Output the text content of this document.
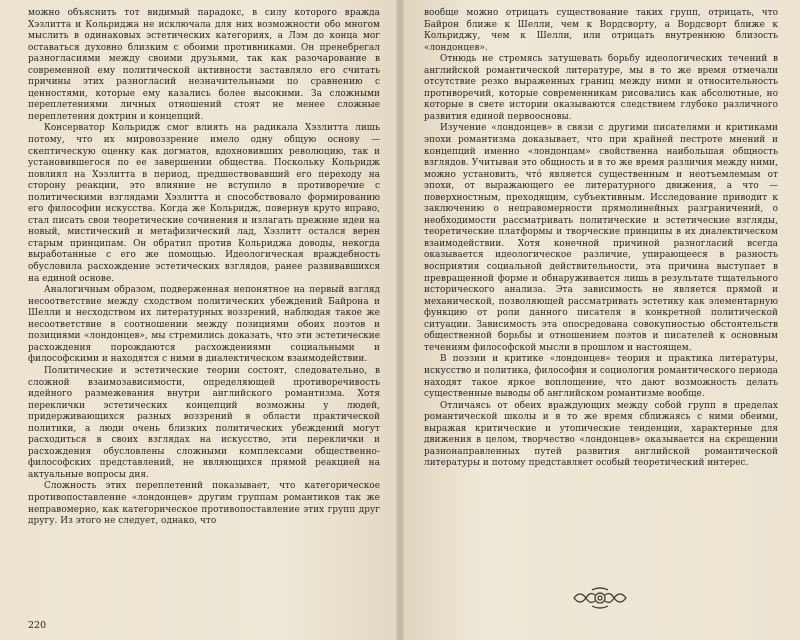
можно объяснить тот видимый парадокс, в силу которого враждa Хэзлитта и Кольриджа не исключала для них возможности обо многом мыслить в одинаковых эстетических категориях, а Лэм до конца мог оставаться духовно близким с обоими противниками. Он пренебрегал разногласиями между своими друзьями, так как разочарование в современной ему политической активности заставляло его считать причины этих разногласий незначительными по сравнению с ценностями, которые ему казались более высокими. За сложными переплетениями личных отношений стоят не менее сложные переплетения доктрин и концепций.

Консерватор Кольридж смог влиять на радикала Хэзлитта лишь потому, что их мировоззрение имело одну общую основу — скептическую оценку как догматов, вдохновивших революцию, так и установившегося по ее завершении общества. Поскольку Кольридж повлиял на Хэзлитта в период, предшествовавший его переходу на сторону реакции, это влияние не вступило в противоречие с политическими взглядами Хэзлитта и способствовало формированию его философии искусства. Когда же Кольридж, повернув круто вправо, стал писать свои теоретические сочинения и излагать прежние идеи на новый, мистический и метафизический лад, Хэзлитт остался верен старым принципам. Он обратил против Кольриджа доводы, некогда выработанные с его же помощью. Идеологическая враждебность обусловила расхождение эстетических взглядов, ранее развивавшихся на единой основе.

Аналогичным образом, подверженная непонятное на первый взгляд несоответствие между сходством политических убеждений Байрона и Шелли и несходством их литературных воззрений, наблюдая такое же несоответствие в соотношении между позициями обоих поэтов и позициями «лондонцев», мы стремились доказать, что эти эстетические расхождения порождаются расхождениями социальными и философскими и находятся с ними в диалектическом взаимодействии.

Политические и эстетические теории состоят, следовательно, в сложной взаимозависимости, определяющей противоречивость идейного размежевания внутри английского романтизма. Хотя переклички эстетических концепций возможны у людей, придерживающихся разных воззрений в области практической политики, а люди очень близких политических убеждений могут расходиться в своих взглядах на искусство, эти переклички и расхождения обусловлены сложными комплексами общественно-философских представлений, не являющихся прямой реакцией на актуальные вопросы дня.

Сложность этих переплетений показывает, что категорическое противопоставление «лондонцев» другим группам романтиков так же неправомерно, как категорическое противопоставление этих групп друг другу. Из этого не следует, однако, что

220

вообще можно отрицать существование таких групп, отрицать, что Байрон ближе к Шелли, чем к Вордсворту, а Вордсворт ближе к Кольриджу, чем к Шелли, или отрицать внутреннюю близость «лондонцев».

Отнюдь не стремясь затушевать борьбу идеологических течений в английской романтической литературе, мы в то же время отмечали отсутствие резко выраженных границ между ними и относительность противоречий, которые современникам рисовались как абсолютные, но которые в свете истории оказываются следствием глубоко различного развития единой первоосновы.

Изучение «лондонцев» в связи с другими писателями и критиками эпохи романтизма доказывает, что при крайней пестроте мнений и концепций именно «лондонцам» свойственна наибольшая общность взглядов. Учитывая это общность и в то же время различия между ними, можно установить, что́ является существенным и неотъемлемым от эпохи, от выражающего ее литературного движения, а что — поверхностным, преходящим, субъективным. Исследование приводит к заключению о неправомерности прямолинейных разграничений, о необходимости рассматривать политические и эстетические взгляды, теоретические платформы и творческие принципы в их диалектическом взаимодействии. Хотя конечной причиной разногласий всегда оказывается идеологическое различие, упирающееся в разность восприятия социальной действительности, эта причина выступает в превращенной форме и обнаруживается лишь в результате тщательного исторического анализа. Эта зависимость не является прямой и механической, позволяющей рассматривать эстетику как элементарную функцию от роли данного писателя в конкретной политической ситуации. Зависимость эта опосредована совокупностью обстоятельств общественной борьбы и отношением поэтов и писателей к основным течениям философской мысли в прошлом и настоящем.

В поэзии и критике «лондонцев» теория и практика литературы, искусство и политика, философия и социология романтического периода находят такое яркое воплощение, что дают возможность делать существенные выводы об английском романтизме вообще.

Отличаясь от обеих враждующих между собой групп в пределах романтической школы и в то же время сближаясь с ними обеими, выражая критические и утопические тенденции, характерные для движения в целом, творчество «лондонцев» оказывается на скрещении разнонаправленных путей развития английской романтической литературы и потому представляет особый теоретический интерес.
